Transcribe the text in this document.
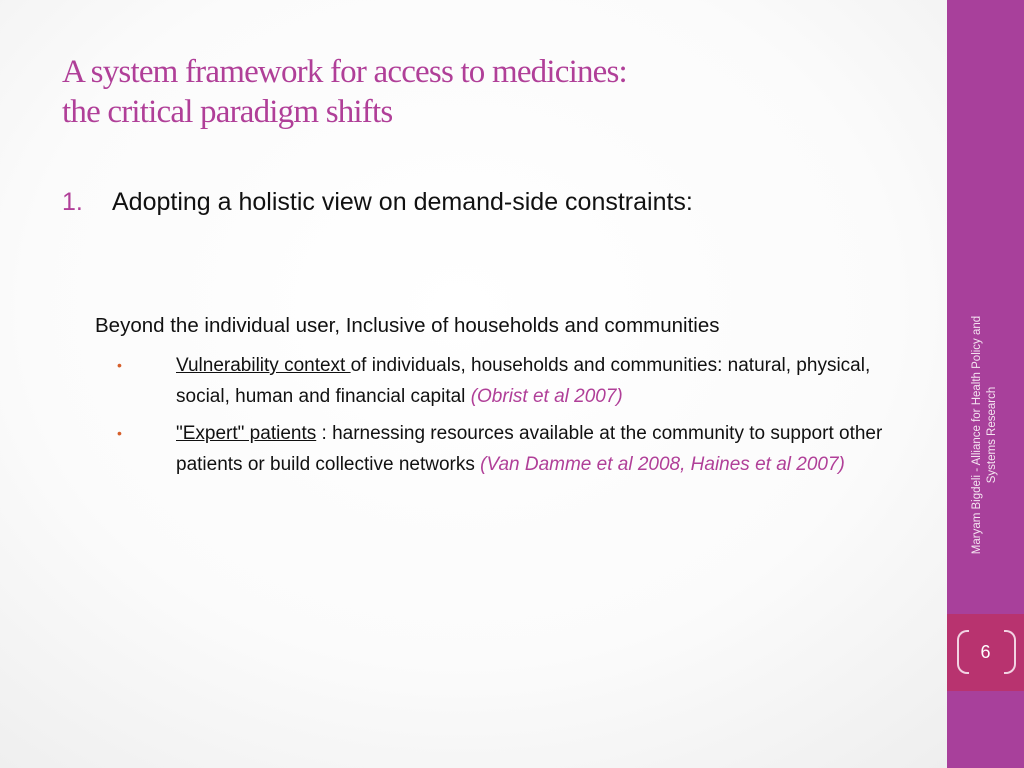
A system framework for access to medicines:
the critical paradigm shifts
1.	Adopting a holistic view on demand-side constraints:
Beyond the individual user, Inclusive of households and communities
•	Vulnerability context of individuals, households and communities: natural, physical, social, human and financial capital (Obrist et al 2007)
•	"Expert" patients : harnessing resources available at the community to support other patients or build collective networks (Van Damme et al 2008, Haines et al 2007)	Maryam Bigdeli - Alliance for Health Policy and Systems Research
6
